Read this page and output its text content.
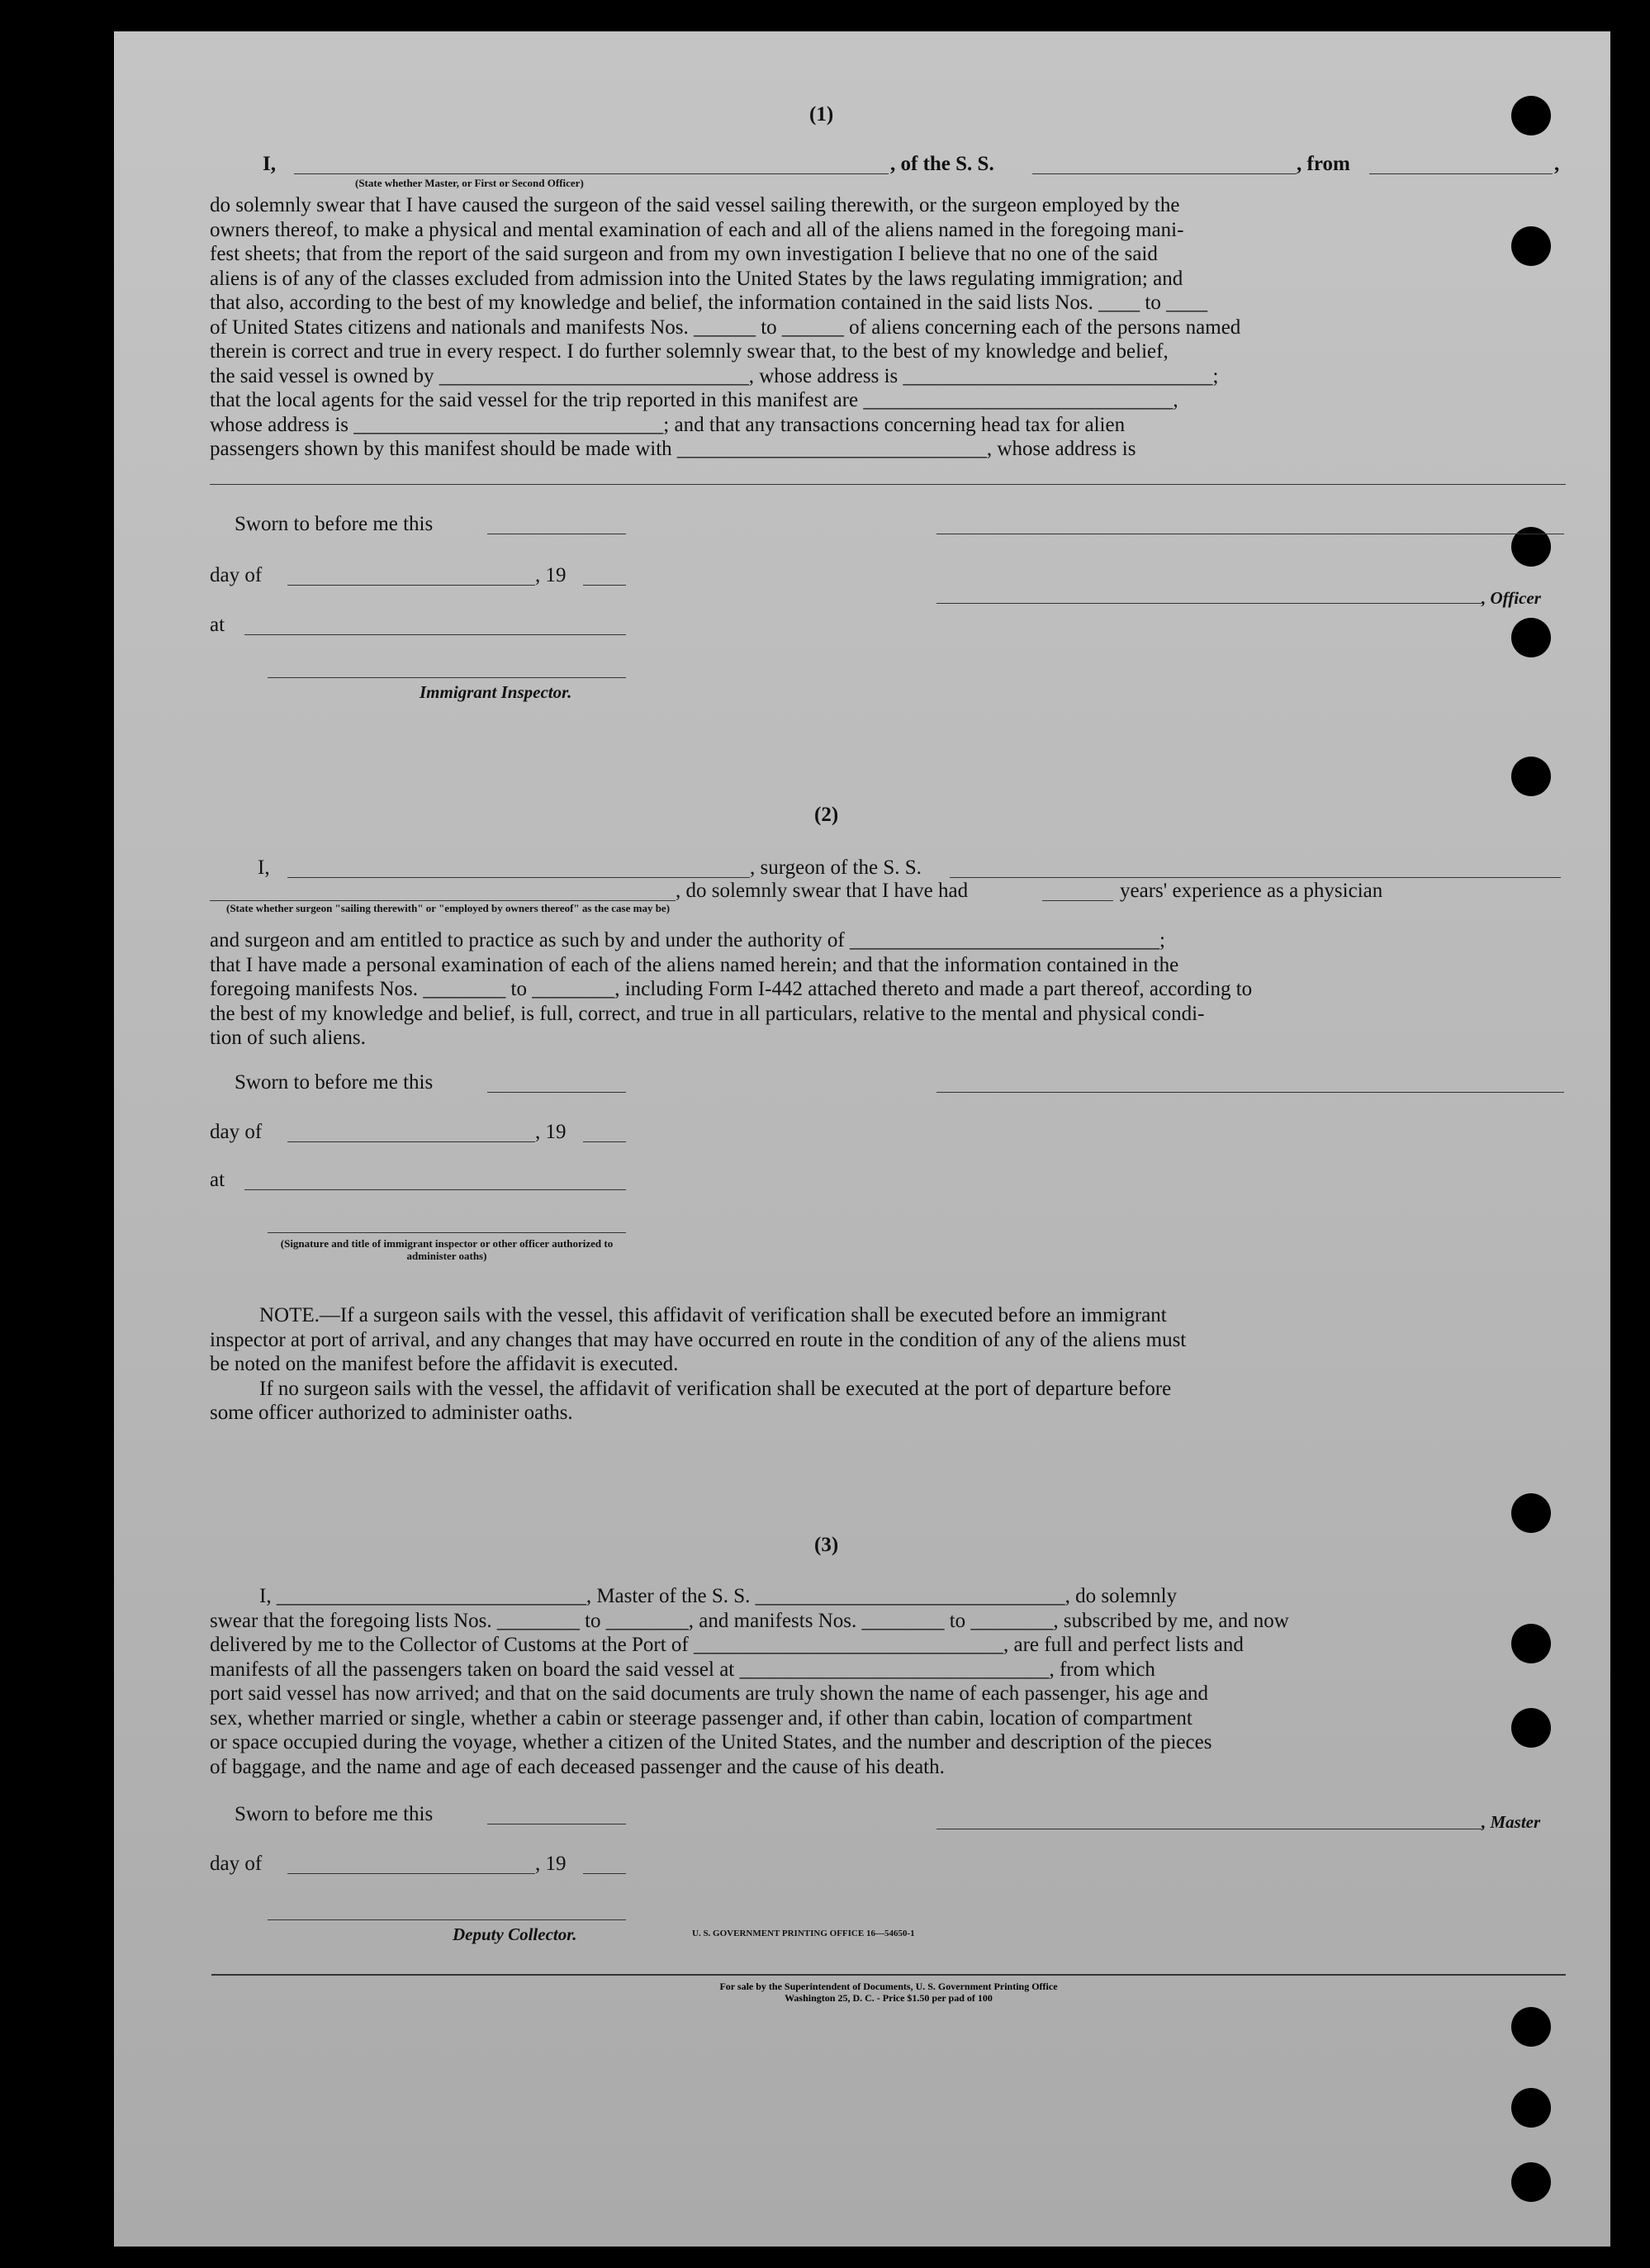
(1)
I,	, of the S. S.	, from	,
(State whether Master, or First or Second Officer)
do solemnly swear that I have caused the surgeon of the said vessel sailing therewith, or the surgeon employed by the
owners thereof, to make a physical and mental examination of each and all of the aliens named in the foregoing mani-
fest sheets; that from the report of the said surgeon and from my own investigation I believe that no one of the said
aliens is of any of the classes excluded from admission into the United States by the laws regulating immigration; and
that also, according to the best of my knowledge and belief, the information contained in the said lists Nos. ____ to ____
of United States citizens and nationals and manifests Nos. ______ to ______ of aliens concerning each of the persons named
therein is correct and true in every respect. I do further solemnly swear that, to the best of my knowledge and belief,
the said vessel is owned by ______________________________, whose address is ______________________________;
that the local agents for the said vessel for the trip reported in this manifest are ______________________________,
whose address is ______________________________; and that any transactions concerning head tax for alien
passengers shown by this manifest should be made with ______________________________, whose address is
Sworn to before me this
day of	, 19
, Officer
at
Immigrant Inspector.
(2)
I,	, surgeon of the S. S.
, do solemnly swear that I have had	years' experience as a physician
(State whether surgeon "sailing therewith" or "employed by owners thereof" as the case may be)
and surgeon and am entitled to practice as such by and under the authority of ______________________________;
that I have made a personal examination of each of the aliens named herein; and that the information contained in the
foregoing manifests Nos. ________ to ________, including Form I-442 attached thereto and made a part thereof, according to
the best of my knowledge and belief, is full, correct, and true in all particulars, relative to the mental and physical condi-
tion of such aliens.
Sworn to before me this
day of	, 19
at
(Signature and title of immigrant inspector or other officer authorized to administer oaths)
NOTE.—If a surgeon sails with the vessel, this affidavit of verification shall be executed before an immigrant
inspector at port of arrival, and any changes that may have occurred en route in the condition of any of the aliens must
be noted on the manifest before the affidavit is executed.
If no surgeon sails with the vessel, the affidavit of verification shall be executed at the port of departure before
some officer authorized to administer oaths.
(3)
I, ______________________________, Master of the S. S. ______________________________, do solemnly
swear that the foregoing lists Nos. ________ to ________, and manifests Nos. ________ to ________, subscribed by me, and now
delivered by me to the Collector of Customs at the Port of ______________________________, are full and perfect lists and
manifests of all the passengers taken on board the said vessel at ______________________________, from which
port said vessel has now arrived; and that on the said documents are truly shown the name of each passenger, his age and
sex, whether married or single, whether a cabin or steerage passenger and, if other than cabin, location of compartment
or space occupied during the voyage, whether a citizen of the United States, and the number and description of the pieces
of baggage, and the name and age of each deceased passenger and the cause of his death.
Sworn to before me this	, Master
day of	, 19
Deputy Collector.	U. S. GOVERNMENT PRINTING OFFICE 16—54650-1
For sale by the Superintendent of Documents, U. S. Government Printing Office
Washington 25, D. C. - Price $1.50 per pad of 100
